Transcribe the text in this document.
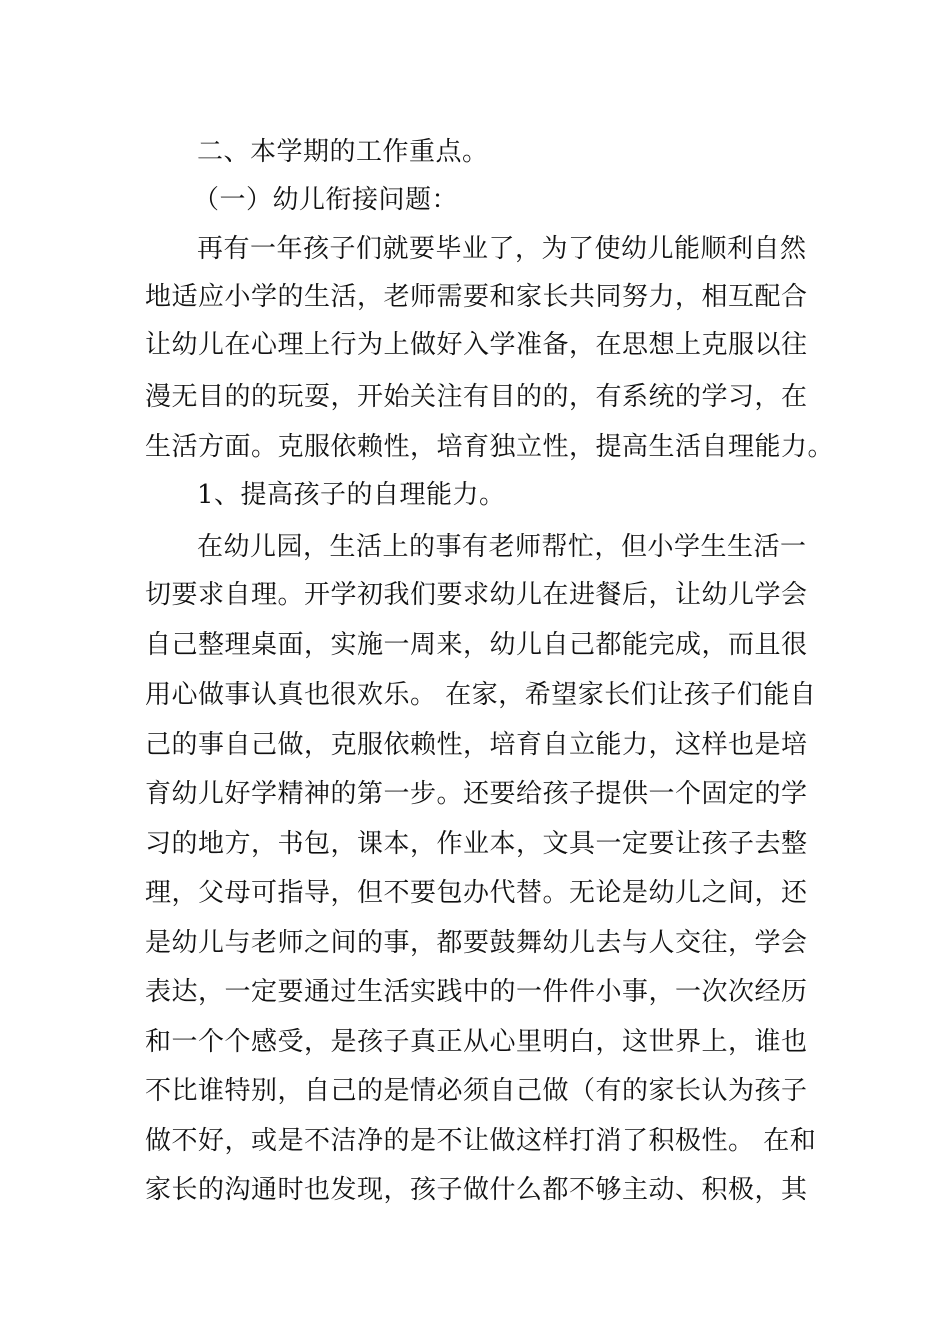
二、本学期的工作重点。
（一）幼儿衔接问题：
再有一年孩子们就要毕业了，为了使幼儿能顺利自然
地适应小学的生活，老师需要和家长共同努力，相互配合
让幼儿在心理上行为上做好入学准备，在思想上克服以往
漫无目的的玩耍，开始关注有目的的，有系统的学习，在
生活方面。克服依赖性，培育独立性，提高生活自理能力。
1、提高孩子的自理能力。
在幼儿园，生活上的事有老师帮忙，但小学生生活一
切要求自理。开学初我们要求幼儿在进餐后，让幼儿学会
自己整理桌面，实施一周来，幼儿自己都能完成，而且很
用心做事认真也很欢乐。 在家，希望家长们让孩子们能自
己的事自己做，克服依赖性，培育自立能力，这样也是培
育幼儿好学精神的第一步。还要给孩子提供一个固定的学
习的地方，书包，课本，作业本，文具一定要让孩子去整
理，父母可指导，但不要包办代替。无论是幼儿之间，还
是幼儿与老师之间的事，都要鼓舞幼儿去与人交往，学会
表达，一定要通过生活实践中的一件件小事，一次次经历
和一个个感受，是孩子真正从心里明白，这世界上，谁也
不比谁特别，自己的是情必须自己做（有的家长认为孩子
做不好，或是不洁净的是不让做这样打消了积极性。 在和
家长的沟通时也发现，孩子做什么都不够主动、积极，其
